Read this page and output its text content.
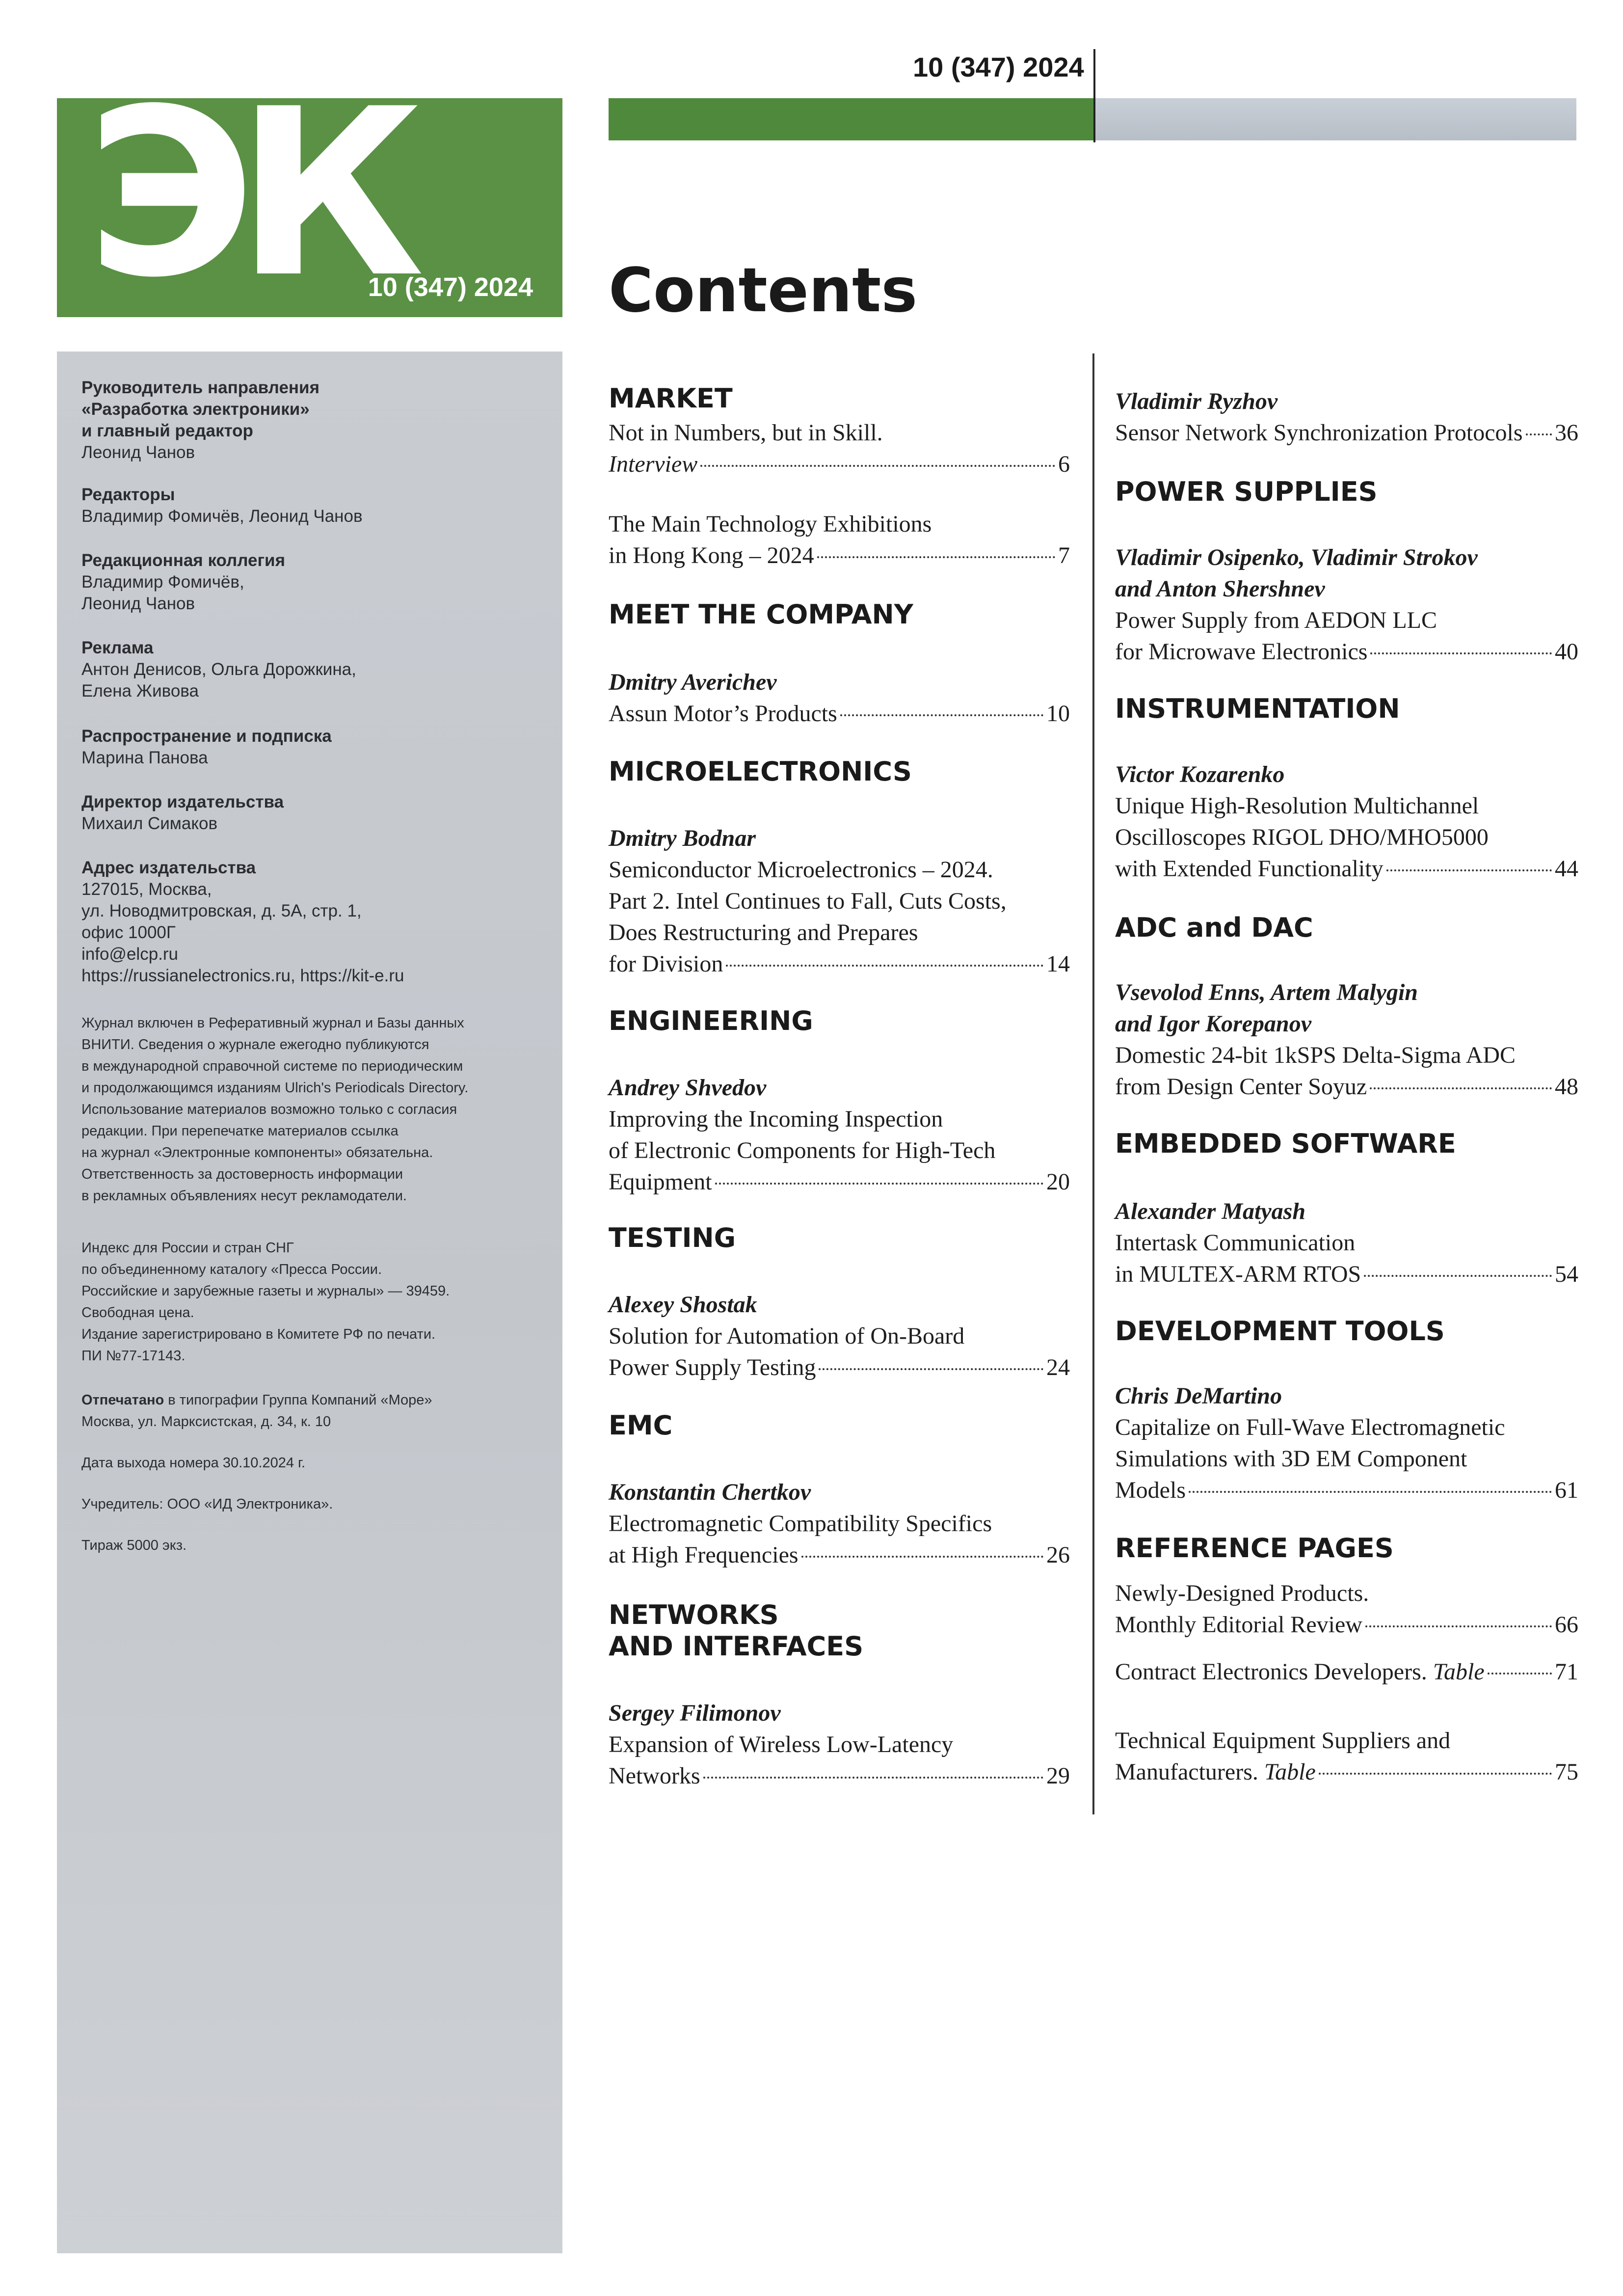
10 (347) 2024
ЭК
10 (347) 2024 Contents
Руководитель направления
«Разработка электроники»
и главный редактор
Леонид Чанов
Редакторы
Владимир Фомичёв, Леонид Чанов
Редакционная коллегия
Владимир Фомичёв,
Леонид Чанов
Реклама
Антон Денисов, Ольга Дорожкина,
Елена Живова
Распространение и подписка
Марина Панова
Директор издательства
Михаил Симаков
Адрес издательства
127015, Москва,
ул. Новодмитровская, д. 5А, стр. 1,
офис 1000Г
info@elcp.ru
https://russianelectronics.ru, https://kit-e.ru
Журнал включен в Реферативный журнал и Базы данных
ВНИТИ. Сведения о журнале ежегодно публикуются
в международной справочной системе по периодическим
и продолжающимся изданиям Ulrich's Periodicals Directory.
Использование материалов возможно только с согласия
редакции. При перепечатке материалов ссылка
на журнал «Электронные компоненты» обязательна.
Ответственность за достоверность информации
в рекламных объявлениях несут рекламодатели.
Индекс для России и стран СНГ
по объединенному каталогу «Пресса России.
Российские и зарубежные газеты и журналы» — 39459.
Свободная цена.
Издание зарегистрировано в Комитете РФ по печати.
ПИ №77-17143.
Отпечатано в типографии Группа Компаний «Море»
Москва, ул. Марксистская, д. 34, к. 10
Дата выхода номера 30.10.2024 г.
Учредитель: ООО «ИД Электроника».
Тираж 5000 экз.
MARKET
Not in Numbers, but in Skill.
Interview	6
The Main Technology Exhibitions
in Hong Kong – 2024	7
MEET THE COMPANY
Dmitry Averichev
Assun Motor’s Products	10
MICROELECTRONICS
Dmitry Bodnar
Semiconductor Microelectronics – 2024.
Part 2. Intel Continues to Fall, Cuts Costs,
Does Restructuring and Prepares
for Division	14
ENGINEERING
Andrey Shvedov
Improving the Incoming Inspection
of Electronic Components for High-Tech
Equipment	20
TESTING
Alexey Shostak
Solution for Automation of On-Board
Power Supply Testing	24
EMC
Konstantin Chertkov
Electromagnetic Compatibility Specifics
at High Frequencies	26
NETWORKS
AND INTERFACES
Sergey Filimonov
Expansion of Wireless Low-Latency
Networks	29
Vladimir Ryzhov
Sensor Network Synchronization Protocols 36
POWER SUPPLIES
Vladimir Osipenko, Vladimir Strokov
and Anton Shershnev
Power Supply from AEDON LLC
for Microwave Electronics	40
INSTRUMENTATION
Victor Kozarenko
Unique High-Resolution Multichannel
Oscilloscopes RIGOL DHO/MHO5000
with Extended Functionality	44
ADC and DAC
Vsevolod Enns, Artem Malygin
and Igor Korepanov
Domestic 24-bit 1kSPS Delta-Sigma ADC
from Design Center Soyuz	48
EMBEDDED SOFTWARE
Alexander Matyash
Intertask Communication
in MULTEX-ARM RTOS	54
DEVELOPMENT TOOLS
Chris DeMartino
Capitalize on Full-Wave Electromagnetic
Simulations with 3D EM Component
Models	61
REFERENCE PAGES
Newly-Designed Products.
Monthly Editorial Review	66
Contract Electronics Developers.
Table	71
Technical Equipment Suppliers and
Manufacturers.
Table	75
